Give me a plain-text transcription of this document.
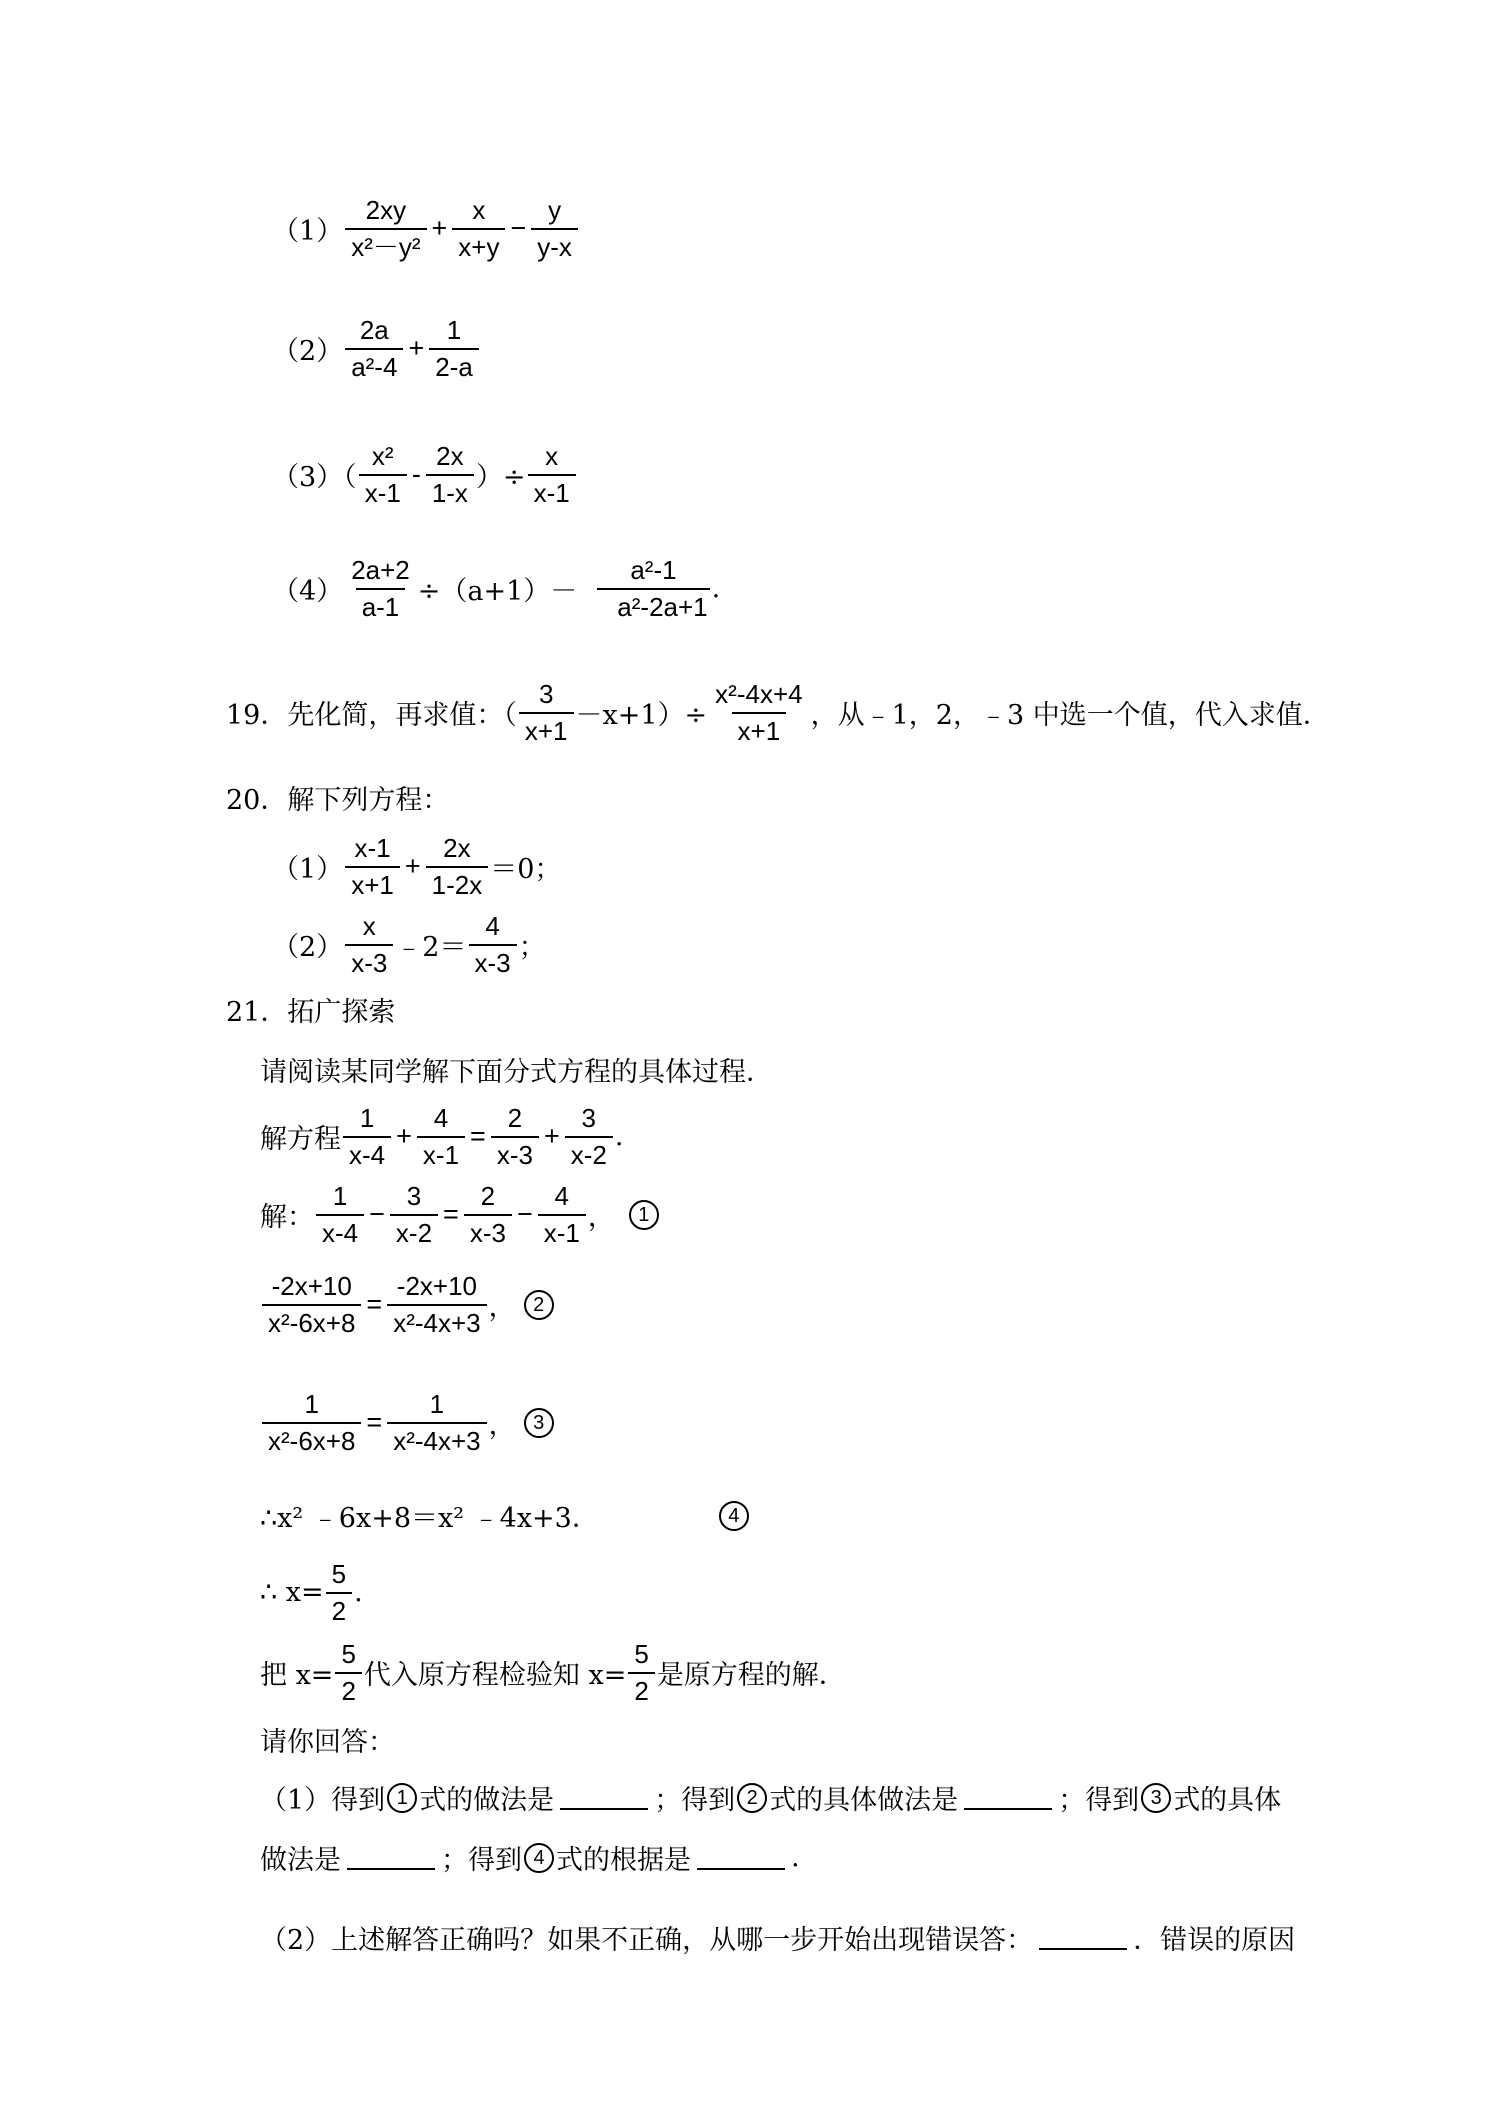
$(1) \frac{2xy}{\text{x²－y²}} + \frac{x}{x+y} - \frac{y}{y-x}$
$(2) \frac{2a}{\text{a²-4}} + \frac{1}{2-a}$
$(3)( \frac{\text{x²}}{x-1} - \frac{2x}{1-x}$ ）÷ $\frac{x}{x-1}$
$(4) \frac{2a+2}{a-1} \div(a+1)- \frac{\text{a²-1}}{\text{a²-2a+1}}$ .
19．先化简，再求值：（ $\frac{3}{x+1} -x+1)\div \frac{\text{x²-4x+4}}{x+1}$ ，从﹣1，2，﹣3 中选一个值，代入求值．
20．解下列方程：
$(1) \frac{x-1}{x+1} + \frac{2x}{1-2x} =0$；
$(2) \frac{x}{x-3}$ ﹣2＝ $\frac{4}{x-3}$ ；
21．拓广探索
请阅读某同学解下面分式方程的具体过程．
解方程 $\frac{1}{x-4} + \frac{4}{x-1} = \frac{2}{x-3} + \frac{3}{x-2}$ .
解： $\frac{1}{x-4} - \frac{3}{x-2} = \frac{2}{x-3} - \frac{4}{x-1}$ ，	1
$\frac{-2x+10}{\text{x²-6x+8}} = \frac{-2x+10}{\text{x²-4x+3}}$ ， 2
$\frac{1}{\text{x²-6x+8}} = \frac{1}{\text{x²-4x+3}}$ ， 3
∴x² ﹣6x+8＝x² ﹣4x+3．	4
∴ $x= \frac{5}{2}$ .
把 $x= \frac{5}{2}$ 代入原方程检验知 $x= \frac{5}{2}$ 是原方程的解．
请你回答：
（1）得到 1 式的做法是	；得到 2 式的具体做法是	；得到 3 式的具体
做法是	；得到 4 式的根据是	.
（2）上述解答正确吗？如果不正确，从哪一步开始出现错误答：	．错误的原因
